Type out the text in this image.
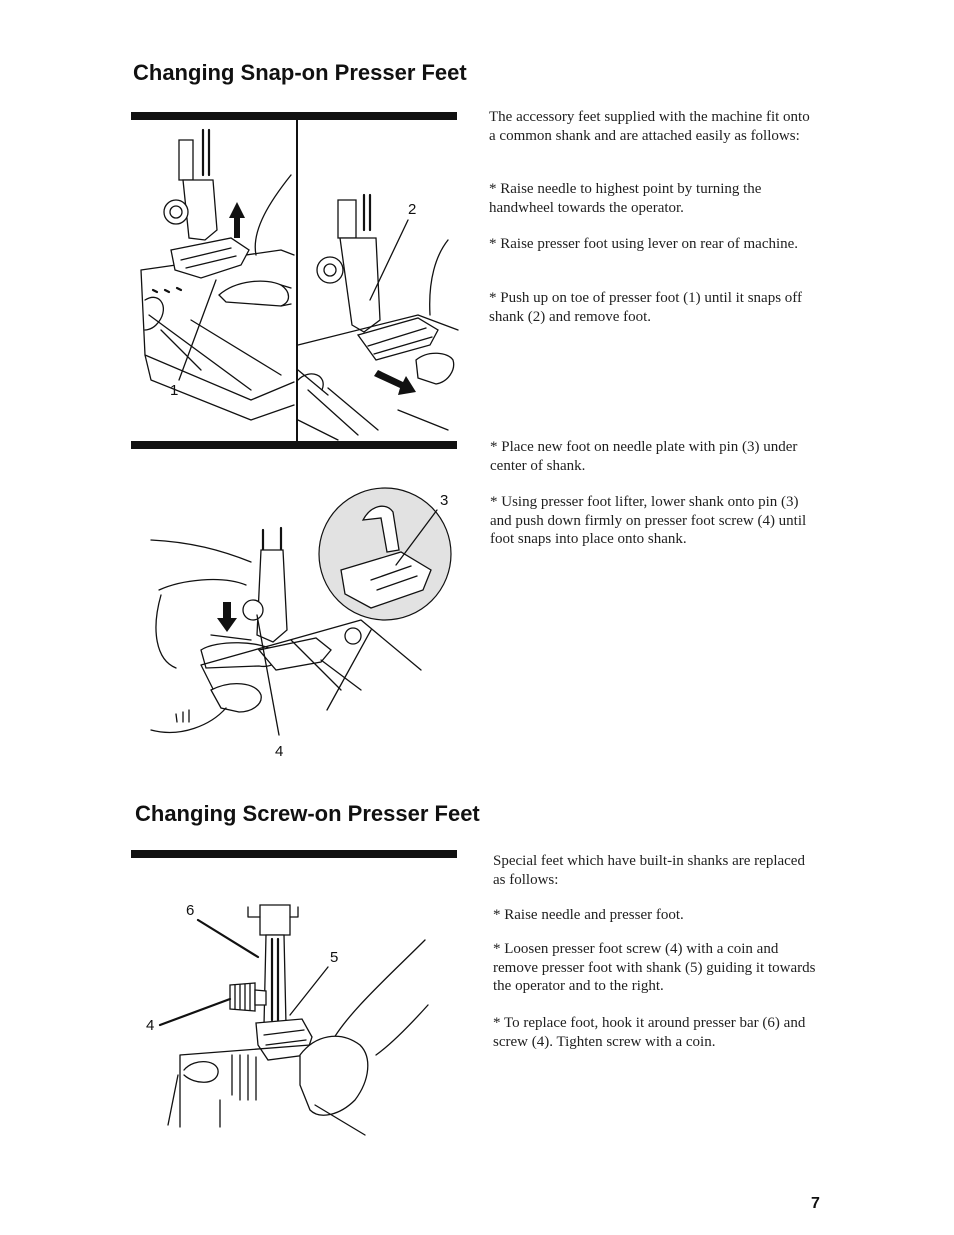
Changing Snap-on Presser Feet
1
2
3
4

The accessory feet supplied with the machine fit onto a common shank and are attached easily as follows:

* Raise needle to highest point by turning the handwheel towards the operator.

* Raise presser foot using lever on rear of machine.

* Push up on toe of presser foot (1) until it snaps off shank (2) and remove foot.

* Place new foot on needle plate with pin (3) under center of shank.

* Using presser foot lifter, lower shank onto pin (3) and push down firmly on presser foot screw (4) until foot snaps into place onto shank.

Changing Screw-on Presser Feet
6
5
4

Special feet which have built-in shanks are replaced as follows:

* Raise needle and presser foot.

* Loosen presser foot screw (4) with a coin and remove presser foot with shank (5) guiding it towards the operator and to the right.

* To replace foot, hook it around presser bar (6) and screw (4). Tighten screw with a coin.

7
